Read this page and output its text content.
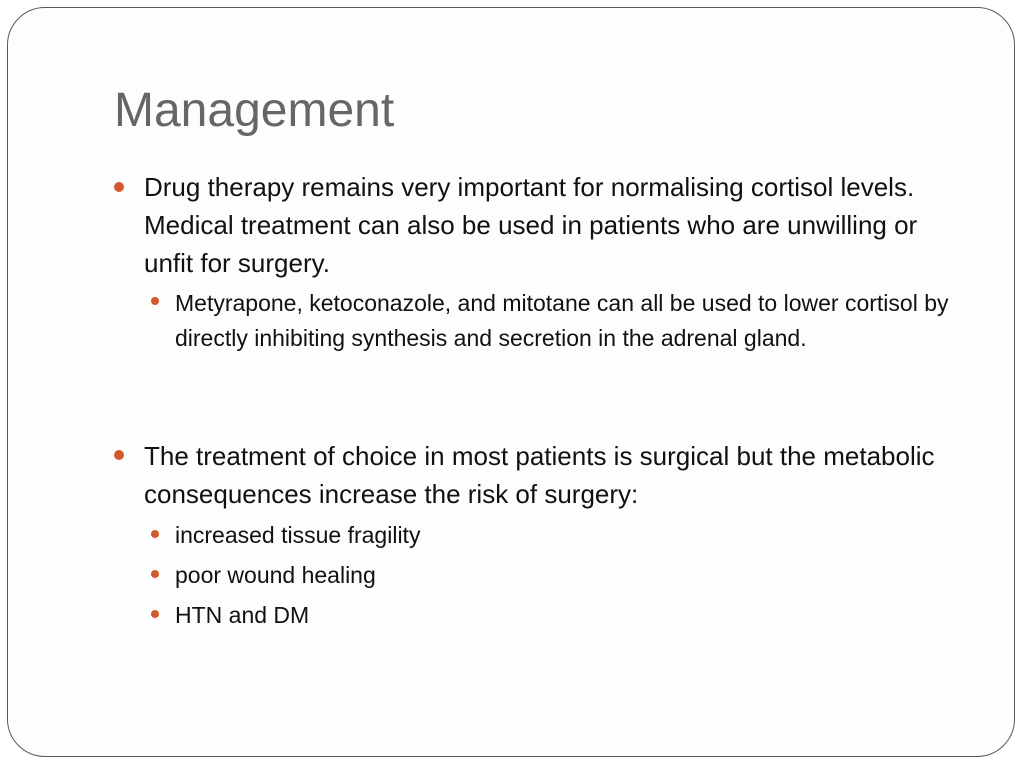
Management
Drug therapy remains very important for normalising cortisol levels. Medical treatment can also be used in patients who are unwilling or unfit for surgery.
Metyrapone, ketoconazole, and mitotane can all be used to lower cortisol by directly inhibiting synthesis and secretion in the adrenal gland.
The treatment of choice in most patients is surgical but the metabolic consequences increase the risk of surgery:
increased tissue fragility
poor wound healing
HTN and DM
